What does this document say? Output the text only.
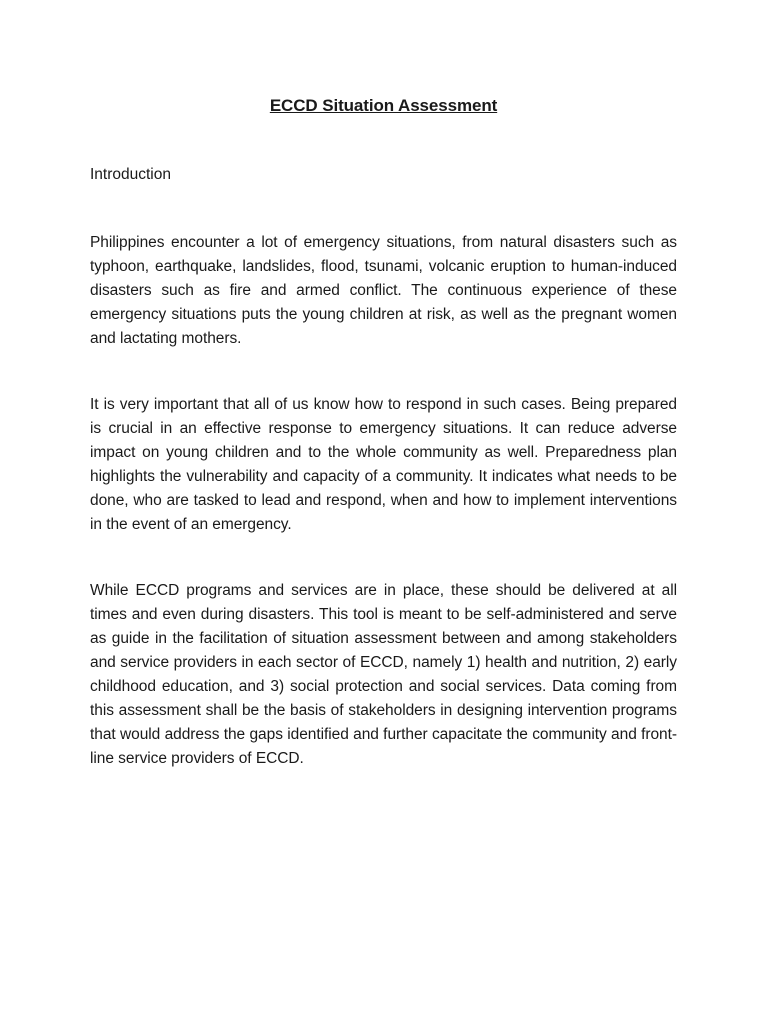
ECCD Situation Assessment
Introduction

Philippines encounter a lot of emergency situations, from natural disasters such as typhoon, earthquake, landslides, flood, tsunami, volcanic eruption to human-induced disasters such as fire and armed conflict. The continuous experience of these emergency situations puts the young children at risk, as well as the pregnant women and lactating mothers.

It is very important that all of us know how to respond in such cases. Being prepared is crucial in an effective response to emergency situations. It can reduce adverse impact on young children and to the whole community as well. Preparedness plan highlights the vulnerability and capacity of a community. It indicates what needs to be done, who are tasked to lead and respond, when and how to implement interventions in the event of an emergency.

While ECCD programs and services are in place, these should be delivered at all times and even during disasters. This tool is meant to be self-administered and serve as guide in the facilitation of situation assessment between and among stakeholders and service providers in each sector of ECCD, namely 1) health and nutrition, 2) early childhood education, and 3) social protection and social services. Data coming from this assessment shall be the basis of stakeholders in designing intervention programs that would address the gaps identified and further capacitate the community and front-line service providers of ECCD.
